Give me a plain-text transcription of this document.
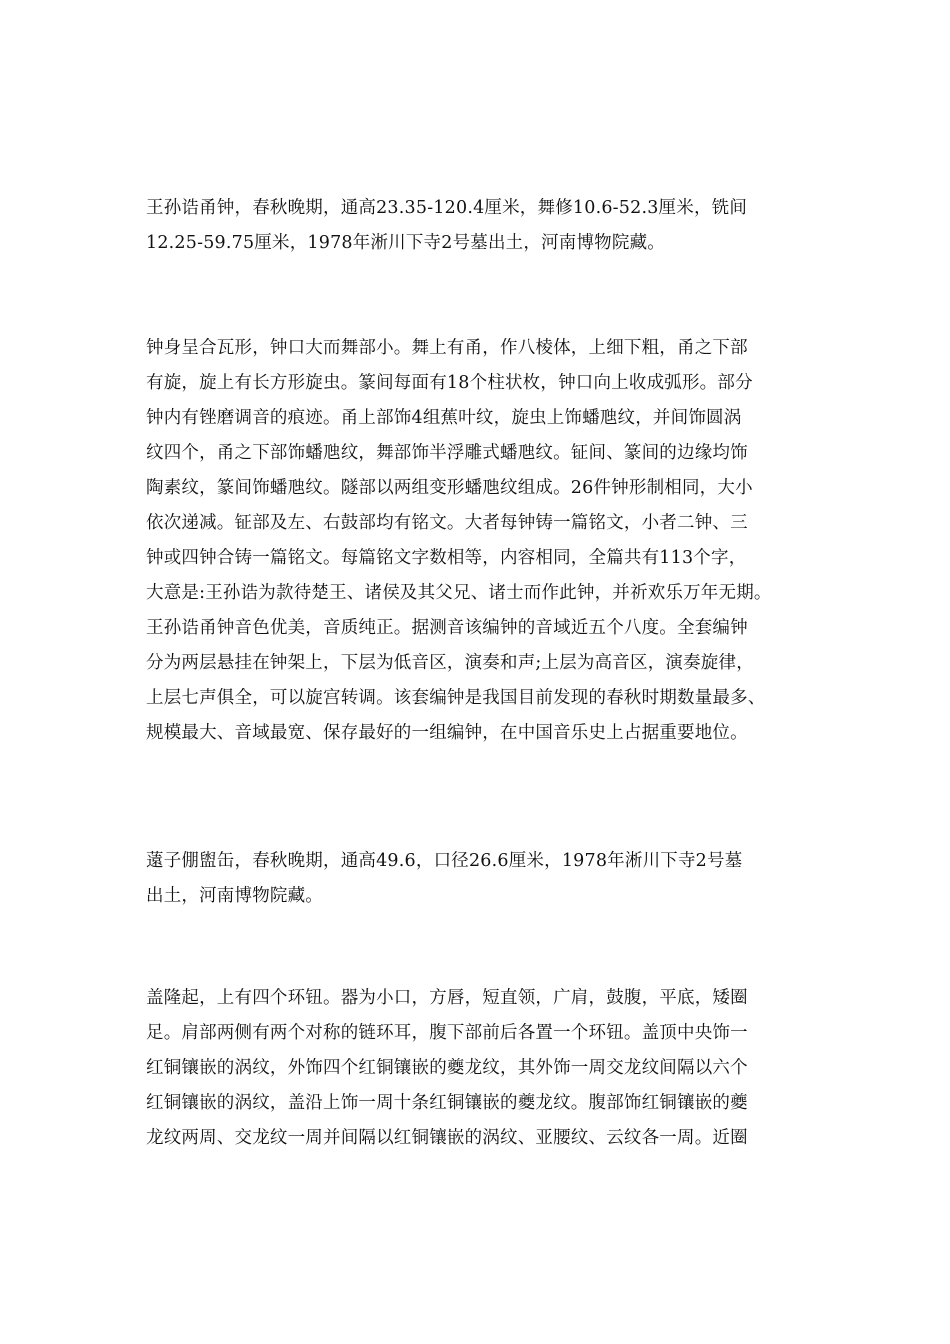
王孙诰甬钟，春秋晚期，通高23.35-120.4厘米，舞修10.6-52.3厘米，铣间
12.25-59.75厘米，1978年淅川下寺2号墓出土，河南博物院藏。
钟身呈合瓦形，钟口大而舞部小。舞上有甬，作八棱体，上细下粗，甬之下部
有旋，旋上有长方形旋虫。篆间每面有18个柱状枚，钟口向上收成弧形。部分
钟内有锉磨调音的痕迹。甬上部饰4组蕉叶纹，旋虫上饰蟠虺纹，并间饰圆涡
纹四个，甬之下部饰蟠虺纹，舞部饰半浮雕式蟠虺纹。钲间、篆间的边缘均饰
陶素纹，篆间饰蟠虺纹。隧部以两组变形蟠虺纹组成。26件钟形制相同，大小
依次递减。钲部及左、右鼓部均有铭文。大者每钟铸一篇铭文，小者二钟、三
钟或四钟合铸一篇铭文。每篇铭文字数相等，内容相同，全篇共有113个字，
大意是:王孙诰为款待楚王、诸侯及其父兄、诸士而作此钟，并祈欢乐万年无期。
王孙诰甬钟音色优美，音质纯正。据测音该编钟的音域近五个八度。全套编钟
分为两层悬挂在钟架上，下层为低音区，演奏和声;上层为高音区，演奏旋律，
上层七声俱全，可以旋宫转调。该套编钟是我国目前发现的春秋时期数量最多、
规模最大、音域最宽、保存最好的一组编钟，在中国音乐史上占据重要地位。
薳子倗盥缶，春秋晚期，通高49.6，口径26.6厘米，1978年淅川下寺2号墓
出土，河南博物院藏。
盖隆起，上有四个环钮。器为小口，方唇，短直领，广肩，鼓腹，平底，矮圈
足。肩部两侧有两个对称的链环耳，腹下部前后各置一个环钮。盖顶中央饰一
红铜镶嵌的涡纹，外饰四个红铜镶嵌的夔龙纹，其外饰一周交龙纹间隔以六个
红铜镶嵌的涡纹，盖沿上饰一周十条红铜镶嵌的夔龙纹。腹部饰红铜镶嵌的夔
龙纹两周、交龙纹一周并间隔以红铜镶嵌的涡纹、亚腰纹、云纹各一周。近圈
